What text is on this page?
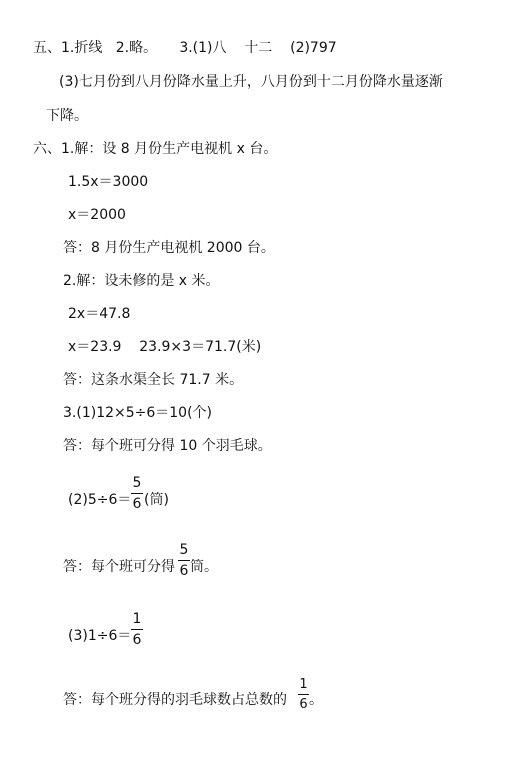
五、1.折线   2.略。     3.(1)八    十二    (2)797
(3)七月份到八月份降水量上升，八月份到十二月份降水量逐渐
下降。
六、1.解：设 8 月份生产电视机 x 台。
1.5x＝3000
x＝2000
答：8 月份生产电视机 2000 台。
2.解：设未修的是 x 米。
2x＝47.8
x＝23.9    23.9×3＝71.7(米)
答：这条水渠全长 71.7 米。
3.(1)12×5÷6＝10(个)
答：每个班可分得 10 个羽毛球。
(2)5÷6＝
5
6 (筒)
答：每个班可分得
5
6 筒。
(3)1÷6＝
1
6
答：每个班分得的羽毛球数占总数的
1
6 。
